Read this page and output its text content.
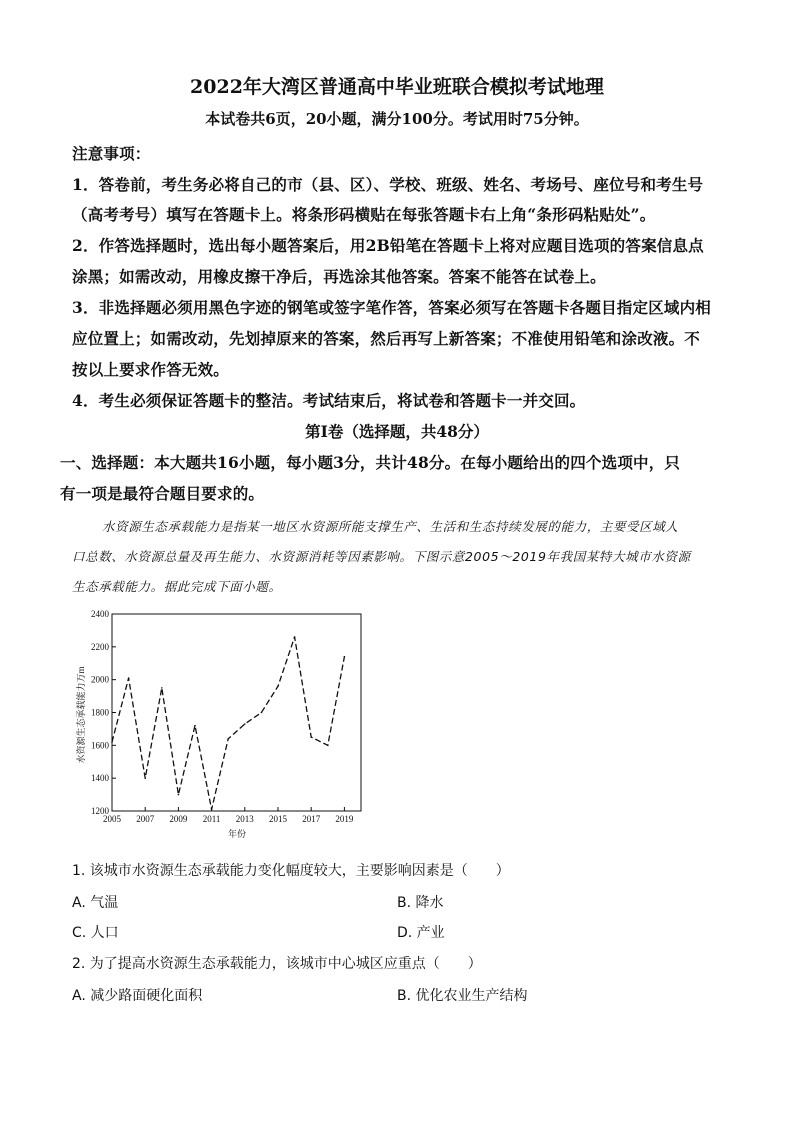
2022年大湾区普通高中毕业班联合模拟考试地理
本试卷共6页，20小题，满分100分。考试用时75分钟。
注意事项：
1．答卷前，考生务必将自己的市（县、区）、学校、班级、姓名、考场号、座位号和考生号
（高考考号）填写在答题卡上。将条形码横贴在每张答题卡右上角“条形码粘贴处”。
2．作答选择题时，选出每小题答案后，用2B铅笔在答题卡上将对应题目选项的答案信息点
涂黑；如需改动，用橡皮擦干净后，再选涂其他答案。答案不能答在试卷上。
3．非选择题必须用黑色字迹的钢笔或签字笔作答，答案必须写在答题卡各题目指定区域内相
应位置上；如需改动，先划掉原来的答案，然后再写上新答案；不准使用铅笔和涂改液。不
按以上要求作答无效。
4．考生必须保证答题卡的整洁。考试结束后，将试卷和答题卡一并交回。
第Ⅰ卷（选择题，共48分）
一、选择题：本大题共16小题，每小题3分，共计48分。在每小题给出的四个选项中，只
有一项是最符合题目要求的。
水资源生态承载能力是指某一地区水资源所能支撑生产、生活和生态持续发展的能力，主要受区域人
口总数、水资源总量及再生能力、水资源消耗等因素影响。下图示意2005～2019年我国某特大城市水资源
生态承载能力。据此完成下面小题。
1200
1400
1600
1800
2000
2200
2400
2005 2007 2009 2011 2013 2015 2017 2019
年份
水资源生态承载能力万m
1. 该城市水资源生态承载能力变化幅度较大，主要影响因素是（　　）
A. 气温	B. 降水
C. 人口	D. 产业
2. 为了提高水资源生态承载能力，该城市中心城区应重点（　　）
A. 减少路面硬化面积	B. 优化农业生产结构
